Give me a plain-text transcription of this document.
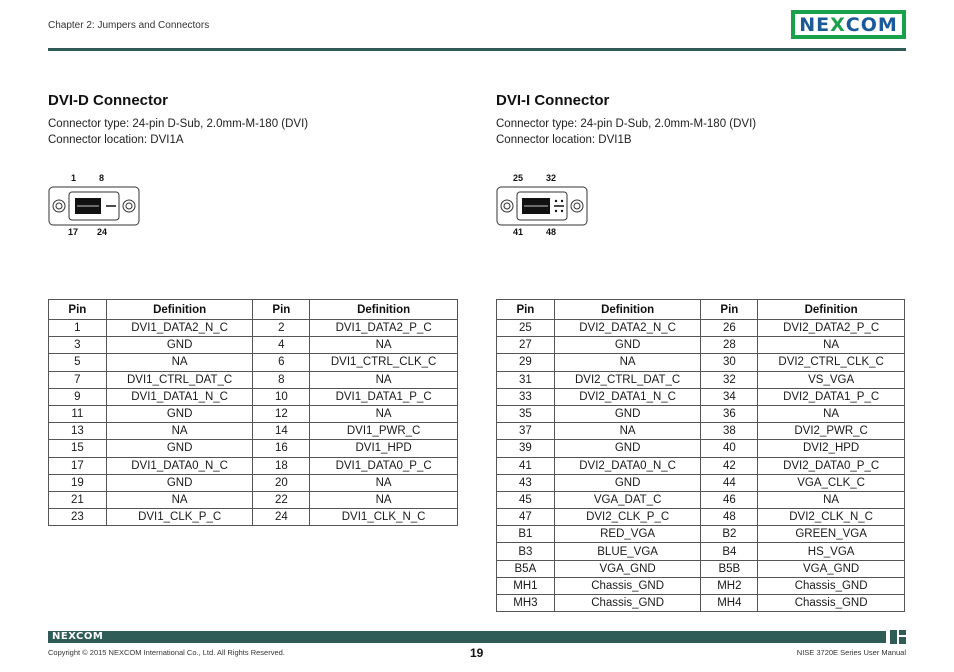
Chapter 2: Jumpers and Connectors	NE X COM
DVI-D Connector
Connector type: 24-pin D-Sub, 2.0mm-M-180 (DVI)
Connector location: DVI1A
1	8
17 24
Pin	Definition	Pin	Definition
1	DVI1_DATA2_N_C	2	DVI1_DATA2_P_C
3	GND	4	NA
5	NA	6	DVI1_CTRL_CLK_C
7	DVI1_CTRL_DAT_C	8	NA
9	DVI1_DATA1_N_C	10	DVI1_DATA1_P_C
11	GND	12	NA
13	NA	14	DVI1_PWR_C
15	GND	16	DVI1_HPD
17	DVI1_DATA0_N_C	18	DVI1_DATA0_P_C
19	GND	20	NA
21	NA	22	NA
23	DVI1_CLK_P_C	24	DVI1_CLK_N_C
DVI-I Connector
Connector type: 24-pin D-Sub, 2.0mm-M-180 (DVI)
Connector location: DVI1B
25	32
41	48
Pin	Definition	Pin	Definition
25	DVI2_DATA2_N_C	26	DVI2_DATA2_P_C
27	GND	28	NA
29	NA	30	DVI2_CTRL_CLK_C
31	DVI2_CTRL_DAT_C	32	VS_VGA
33	DVI2_DATA1_N_C	34	DVI2_DATA1_P_C
35	GND	36	NA
37	NA	38	DVI2_PWR_C
39	GND	40	DVI2_HPD
41	DVI2_DATA0_N_C	42	DVI2_DATA0_P_C
43	GND	44	VGA_CLK_C
45	VGA_DAT_C	46	NA
47	DVI2_CLK_P_C	48	DVI2_CLK_N_C
B1	RED_VGA	B2	GREEN_VGA
B3	BLUE_VGA	B4	HS_VGA
B5A	VGA_GND	B5B	VGA_GND
MH1	Chassis_GND	MH2	Chassis_GND
MH3	Chassis_GND	MH4	Chassis_GND
NEXCOM
Copyright © 2015 NEXCOM International Co., Ltd. All Rights Reserved.	19	NISE 3720E Series User Manual
